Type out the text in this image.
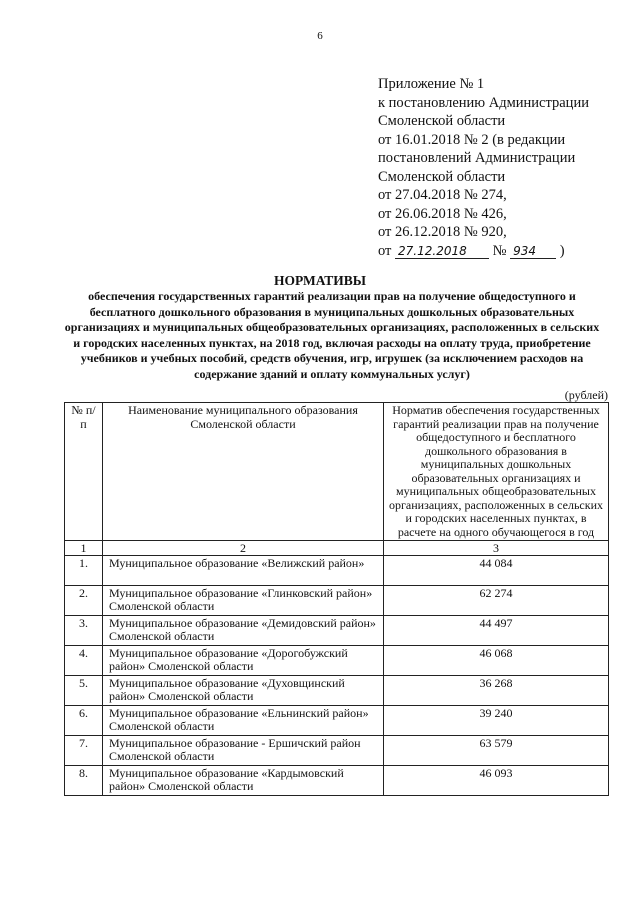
6
Приложение № 1
к постановлению Администрации
Смоленской области
от 16.01.2018 № 2 (в редакции
постановлений Администрации
Смоленской области
от 27.04.2018 № 274,
от 26.06.2018 № 426,
от 26.12.2018 № 920,
от 27.12.2018 № 934 )
НОРМАТИВЫ
обеспечения государственных гарантий реализации прав на получение общедоступного и бесплатного дошкольного образования в муниципальных дошкольных образовательных организациях и муниципальных общеобразовательных организациях, расположенных в сельских и городских населенных пунктах, на 2018 год, включая расходы на оплату труда, приобретение учебников и учебных пособий, средств обучения, игр, игрушек (за исключением расходов на содержание зданий и оплату коммунальных услуг)
(рублей)
№ п/п	Наименование муниципального образования Смоленской области	Норматив обеспечения государственных гарантий реализации прав на получение общедоступного и бесплатного дошкольного образования в муниципальных дошкольных образовательных организациях и муниципальных общеобразовательных организациях, расположенных в сельских и городских населенных пунктах, в расчете на одного обучающегося в год
1	2	3
1.	Муниципальное образование «Велижский район»	44 084
2.	Муниципальное образование «Глинковский район» Смоленской области	62 274
3.	Муниципальное образование «Демидовский район» Смоленской области	44 497
4.	Муниципальное образование «Дорогобужский район» Смоленской области	46 068
5.	Муниципальное образование «Духовщинский район» Смоленской области	36 268
6.	Муниципальное образование «Ельнинский район» Смоленской области	39 240
7.	Муниципальное образование - Ершичский район Смоленской области	63 579
8.	Муниципальное образование «Кардымовский район» Смоленской области	46 093
